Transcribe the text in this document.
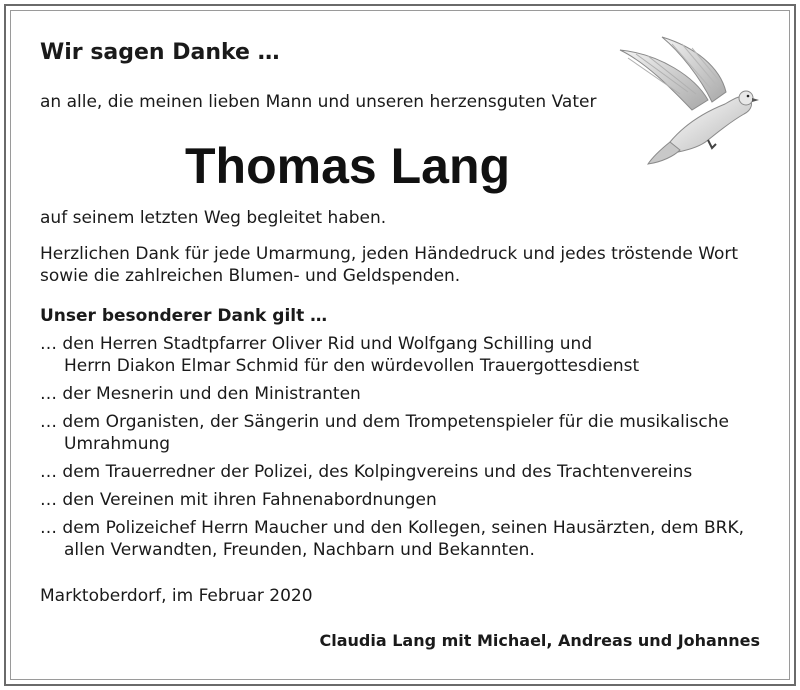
Wir sagen Danke …
an alle, die meinen lieben Mann und unseren herzensguten Vater
Thomas Lang
auf seinem letzten Weg begleitet haben.
Herzlichen Dank für jede Umarmung, jeden Händedruck und jedes tröstende Wort
sowie die zahlreichen Blumen- und Geldspenden.
Unser besonderer Dank gilt …
… den Herren Stadtpfarrer Oliver Rid und Wolfgang Schilling und
Herrn Diakon Elmar Schmid für den würdevollen Trauergottesdienst
… der Mesnerin und den Ministranten
… dem Organisten, der Sängerin und dem Trompetenspieler für die musikalische
Umrahmung
… dem Trauerredner der Polizei, des Kolpingvereins und des Trachtenvereins
… den Vereinen mit ihren Fahnenabordnungen
… dem Polizeichef Herrn Maucher und den Kollegen, seinen Hausärzten, dem BRK,
allen Verwandten, Freunden, Nachbarn und Bekannten.
Marktoberdorf, im Februar 2020
Claudia Lang mit Michael, Andreas und Johannes
